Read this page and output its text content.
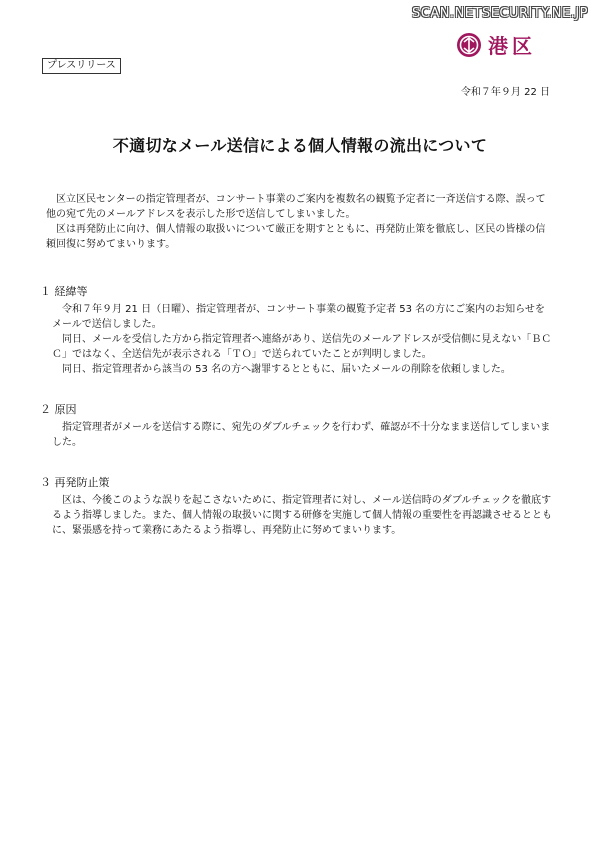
SCAN.NETSECURITY.NE.JP
港区
プレスリリース
令和７年９月 22 日
不適切なメール送信による個人情報の流出について

区立区民センターの指定管理者が、コンサート事業のご案内を複数名の観覧予定者に一斉送信する際、誤って他の宛て先のメールアドレスを表示した形で送信してしまいました。

区は再発防止に向け、個人情報の取扱いについて厳正を期すとともに、再発防止策を徹底し、区民の皆様の信頼回復に努めてまいります。

１ 経緯等

令和７年９月 21 日（日曜）、指定管理者が、コンサート事業の観覧予定者 53 名の方にご案内のお知らせをメールで送信しました。

同日、メールを受信した方から指定管理者へ連絡があり、送信先のメールアドレスが受信側に見えない「ＢＣＣ」ではなく、全送信先が表示される「ＴＯ」で送られていたことが判明しました。

同日、指定管理者から該当の 53 名の方へ謝罪するとともに、届いたメールの削除を依頼しました。

２ 原因

指定管理者がメールを送信する際に、宛先のダブルチェックを行わず、確認が不十分なまま送信してしまいました。

３ 再発防止策

区は、今後このような誤りを起こさないために、指定管理者に対し、メール送信時のダブルチェックを徹底するよう指導しました。また、個人情報の取扱いに関する研修を実施して個人情報の重要性を再認識させるとともに、緊張感を持って業務にあたるよう指導し、再発防止に努めてまいります。
